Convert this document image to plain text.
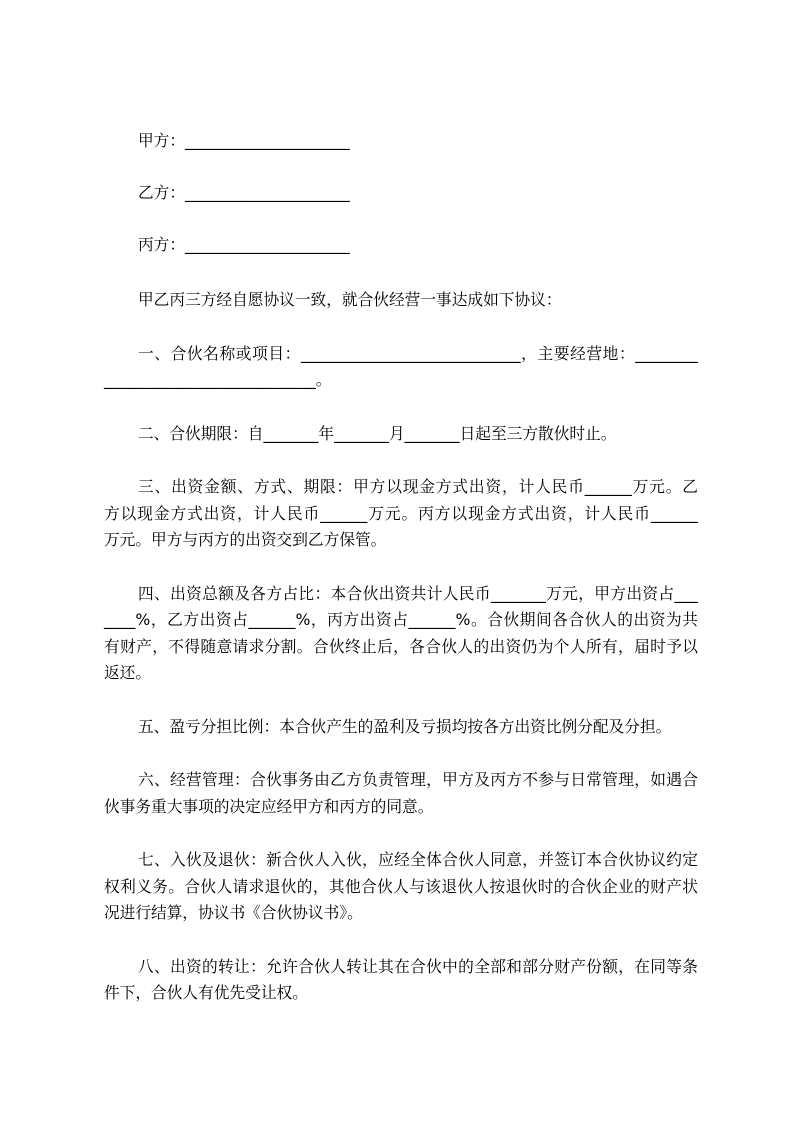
甲方：_____________________
乙方：_____________________
丙方：_____________________
甲乙丙三方经自愿协议一致，就合伙经营一事达成如下协议：
一、合伙名称或项目：____________________________，主要经营地：________
___________________________。
二、合伙期限：自_______年_______月_______日起至三方散伙时止。
三、出资金额、方式、期限：甲方以现金方式出资，计人民币______万元。乙
方以现金方式出资，计人民币______万元。丙方以现金方式出资，计人民币______
万元。甲方与丙方的出资交到乙方保管。
四、出资总额及各方占比：本合伙出资共计人民币_______万元，甲方出资占___
____%，乙方出资占______%，丙方出资占______%。合伙期间各合伙人的出资为共
有财产，不得随意请求分割。合伙终止后，各合伙人的出资仍为个人所有，届时予以
返还。
五、盈亏分担比例：本合伙产生的盈利及亏损均按各方出资比例分配及分担。
六、经营管理：合伙事务由乙方负责管理，甲方及丙方不参与日常管理，如遇合
伙事务重大事项的决定应经甲方和丙方的同意。
七、入伙及退伙：新合伙人入伙，应经全体合伙人同意，并签订本合伙协议约定
权利义务。合伙人请求退伙的，其他合伙人与该退伙人按退伙时的合伙企业的财产状
况进行结算，协议书《合伙协议书》。
八、出资的转让：允许合伙人转让其在合伙中的全部和部分财产份额，在同等条
件下，合伙人有优先受让权。
